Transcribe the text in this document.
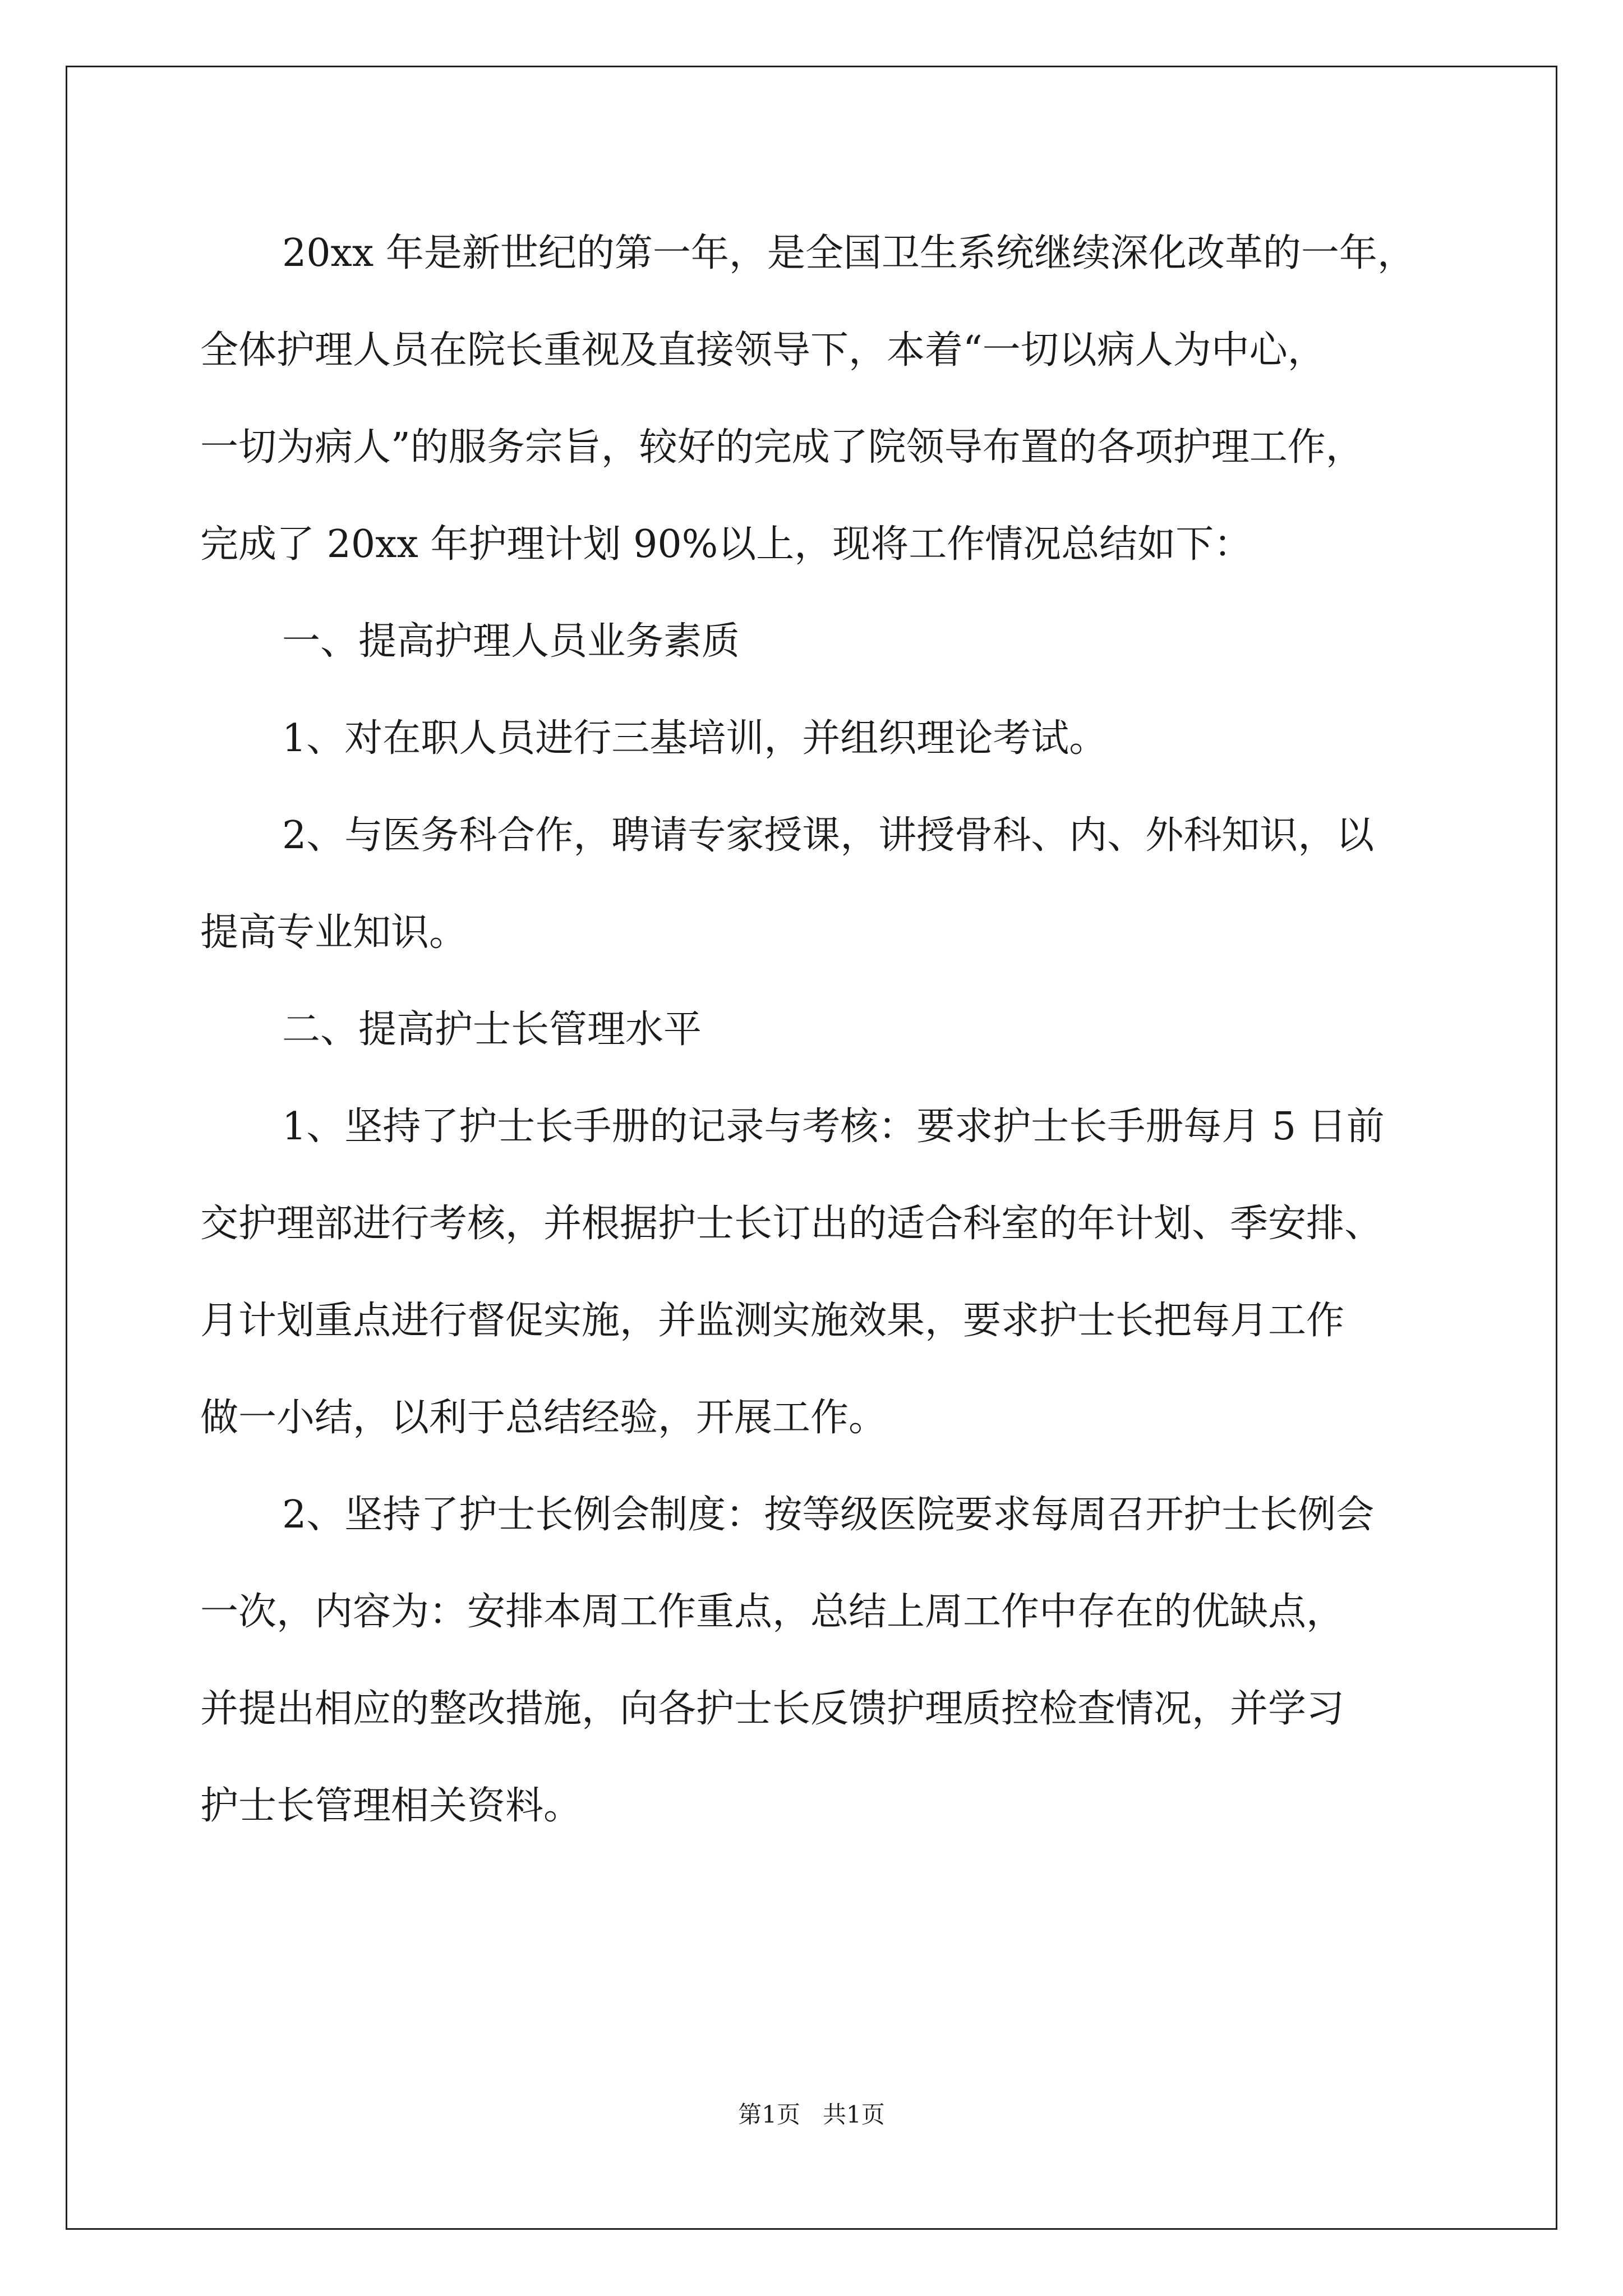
20xx 年是新世纪的第一年，是全国卫生系统继续深化改革的一年，

全体护理人员在院长重视及直接领导下，本着“一切以病人为中心，

一切为病人”的服务宗旨，较好的完成了院领导布置的各项护理工作，

完成了 20xx 年护理计划 90%以上，现将工作情况总结如下：

一、提高护理人员业务素质

1、对在职人员进行三基培训，并组织理论考试。

2、与医务科合作，聘请专家授课，讲授骨科、内、外科知识，以

提高专业知识。

二、提高护士长管理水平

1、坚持了护士长手册的记录与考核：要求护士长手册每月 5 日前

交护理部进行考核，并根据护士长订出的适合科室的年计划、季安排、

月计划重点进行督促实施，并监测实施效果，要求护士长把每月工作

做一小结，以利于总结经验，开展工作。

2、坚持了护士长例会制度：按等级医院要求每周召开护士长例会

一次，内容为：安排本周工作重点，总结上周工作中存在的优缺点，

并提出相应的整改措施，向各护士长反馈护理质控检查情况，并学习

护士长管理相关资料。

第1页   共1页
